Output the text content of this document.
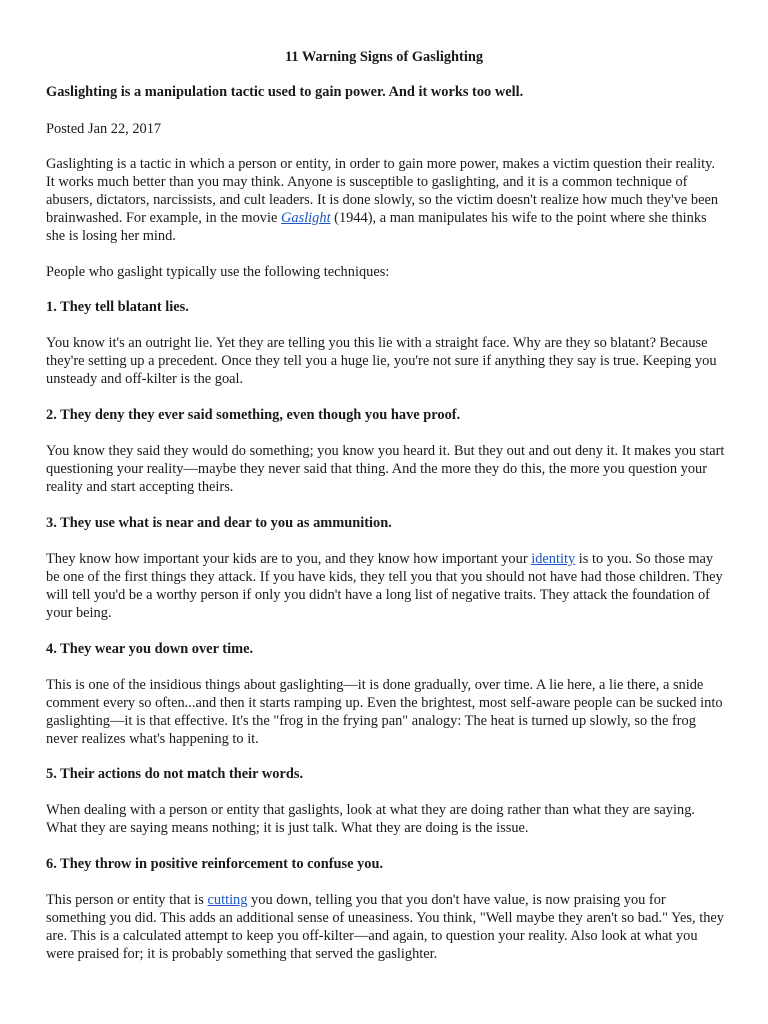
11 Warning Signs of Gaslighting

Gaslighting is a manipulation tactic used to gain power. And it works too well.

Posted Jan 22, 2017

Gaslighting is a tactic in which a person or entity, in order to gain more power, makes a victim question their reality. It works much better than you may think. Anyone is susceptible to gaslighting, and it is a common technique of abusers, dictators, narcissists, and cult leaders. It is done slowly, so the victim doesn't realize how much they've been brainwashed. For example, in the movie Gaslight (1944), a man manipulates his wife to the point where she thinks she is losing her mind.

People who gaslight typically use the following techniques:

1. They tell blatant lies.

You know it's an outright lie. Yet they are telling you this lie with a straight face. Why are they so blatant? Because they're setting up a precedent. Once they tell you a huge lie, you're not sure if anything they say is true. Keeping you unsteady and off-kilter is the goal.

2. They deny they ever said something, even though you have proof.

You know they said they would do something; you know you heard it. But they out and out deny it. It makes you start questioning your reality—maybe they never said that thing. And the more they do this, the more you question your reality and start accepting theirs.

3. They use what is near and dear to you as ammunition.

They know how important your kids are to you, and they know how important your identity is to you. So those may be one of the first things they attack. If you have kids, they tell you that you should not have had those children. They will tell you'd be a worthy person if only you didn't have a long list of negative traits. They attack the foundation of your being.

4. They wear you down over time.

This is one of the insidious things about gaslighting—it is done gradually, over time. A lie here, a lie there, a snide comment every so often...and then it starts ramping up. Even the brightest, most self-aware people can be sucked into gaslighting—it is that effective. It's the "frog in the frying pan" analogy: The heat is turned up slowly, so the frog never realizes what's happening to it.

5. Their actions do not match their words.

When dealing with a person or entity that gaslights, look at what they are doing rather than what they are saying. What they are saying means nothing; it is just talk. What they are doing is the issue.

6. They throw in positive reinforcement to confuse you.

This person or entity that is cutting you down, telling you that you don't have value, is now praising you for something you did. This adds an additional sense of uneasiness. You think, "Well maybe they aren't so bad." Yes, they are. This is a calculated attempt to keep you off-kilter—and again, to question your reality. Also look at what you were praised for; it is probably something that served the gaslighter.
